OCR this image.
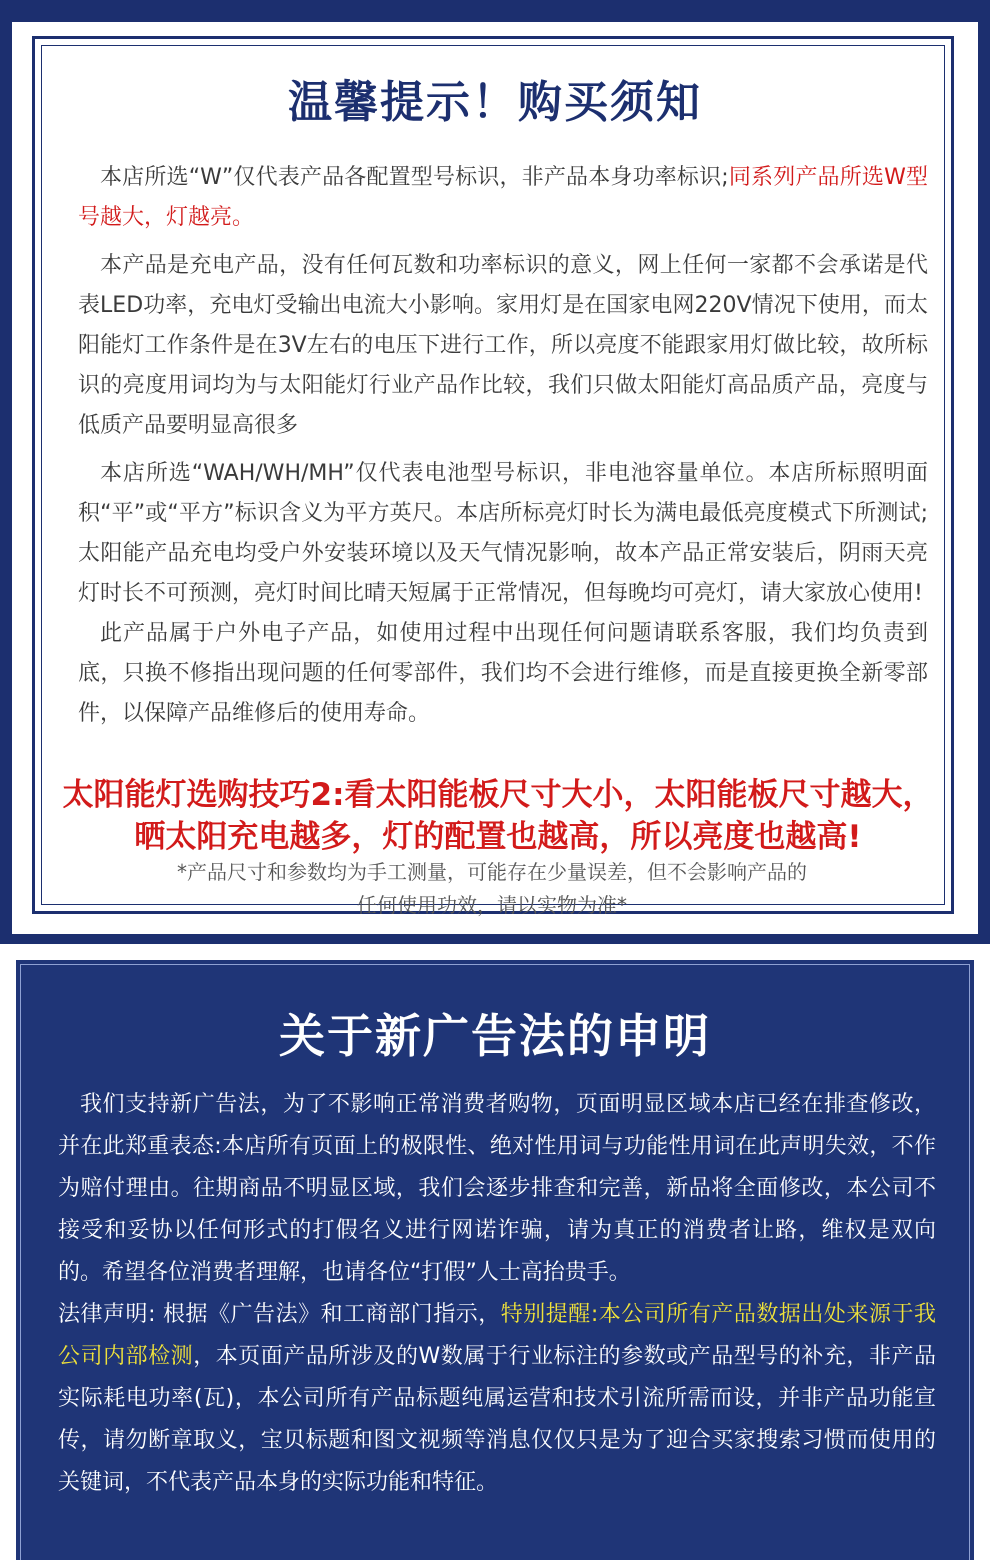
温馨提示！购买须知

本店所选“W”仅代表产品各配置型号标识，非产品本身功率标识;同系列产品所选W型号越大，灯越亮。

本产品是充电产品，没有任何瓦数和功率标识的意义，网上任何一家都不会承诺是代表LED功率，充电灯受输出电流大小影响。家用灯是在国家电网220V情况下使用，而太阳能灯工作条件是在3V左右的电压下进行工作，所以亮度不能跟家用灯做比较，故所标识的亮度用词均为与太阳能灯行业产品作比较，我们只做太阳能灯高品质产品，亮度与低质产品要明显高很多

本店所选“WAH/WH/MH”仅代表电池型号标识，非电池容量单位。本店所标照明面积“平”或“平方”标识含义为平方英尺。本店所标亮灯时长为满电最低亮度模式下所测试;太阳能产品充电均受户外安装环境以及天气情况影响，故本产品正常安装后，阴雨天亮灯时长不可预测，亮灯时间比晴天短属于正常情况，但每晚均可亮灯，请大家放心使用!

此产品属于户外电子产品，如使用过程中出现任何问题请联系客服，我们均负责到底，只换不修指出现问题的任何零部件，我们均不会进行维修，而是直接更换全新零部件，以保障产品维修后的使用寿命。

太阳能灯选购技巧2:看太阳能板尺寸大小，太阳能板尺寸越大，晒太阳充电越多，灯的配置也越高，所以亮度也越高!
*产品尺寸和参数均为手工测量，可能存在少量误差，但不会影响产品的
任何使用功效，请以实物为准*
关于新广告法的申明

我们支持新广告法，为了不影响正常消费者购物，页面明显区域本店已经在排查修改，并在此郑重表态:本店所有页面上的极限性、绝对性用词与功能性用词在此声明失效，不作为赔付理由。往期商品不明显区域，我们会逐步排查和完善，新品将全面修改，本公司不接受和妥协以任何形式的打假名义进行网诺诈骗，请为真正的消费者让路，维权是双向的。希望各位消费者理解，也请各位“打假”人士高抬贵手。

法律声明: 根据《广告法》和工商部门指示，特别提醒:本公司所有产品数据出处来源于我公司内部检测，本页面产品所涉及的W数属于行业标注的参数或产品型号的补充，非产品实际耗电功率(瓦)，本公司所有产品标题纯属运营和技术引流所需而设，并非产品功能宣传，请勿断章取义，宝贝标题和图文视频等消息仅仅只是为了迎合买家搜索习惯而使用的关键词，不代表产品本身的实际功能和特征。
